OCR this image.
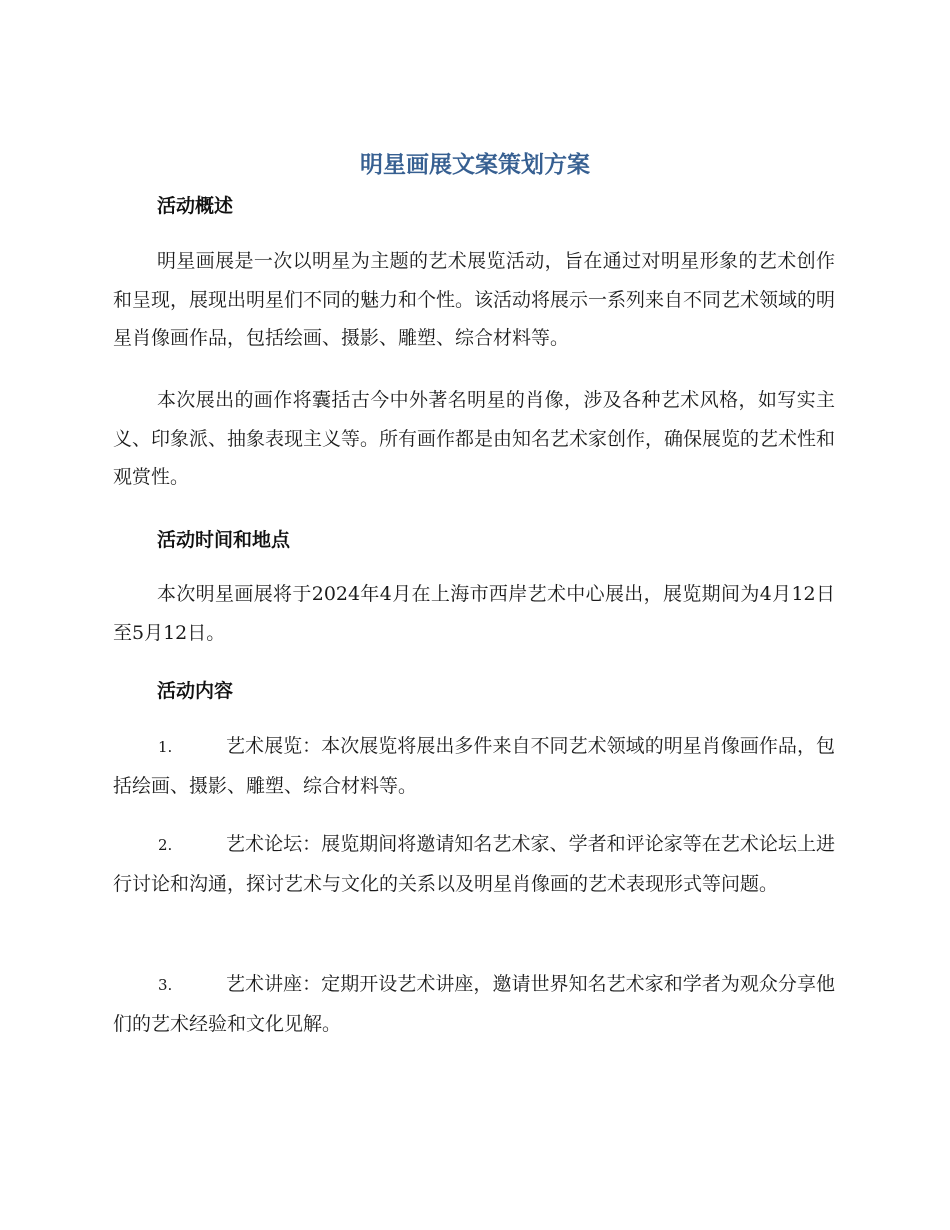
明星画展文案策划方案
活动概述

明星画展是一次以明星为主题的艺术展览活动，旨在通过对明星形象的艺术创作和呈现，展现出明星们不同的魅力和个性。该活动将展示一系列来自不同艺术领域的明星肖像画作品，包括绘画、摄影、雕塑、综合材料等。

本次展出的画作将囊括古今中外著名明星的肖像，涉及各种艺术风格，如写实主义、印象派、抽象表现主义等。所有画作都是由知名艺术家创作，确保展览的艺术性和观赏性。

活动时间和地点

本次明星画展将于2024年4月在上海市西岸艺术中心展出，展览期间为4月12日至5月12日。

活动内容

1.	艺术展览：本次展览将展出多件来自不同艺术领域的明星肖像画作品，包括绘画、摄影、雕塑、综合材料等。

2.	艺术论坛：展览期间将邀请知名艺术家、学者和评论家等在艺术论坛上进行讨论和沟通，探讨艺术与文化的关系以及明星肖像画的艺术表现形式等问题。

3.	艺术讲座：定期开设艺术讲座，邀请世界知名艺术家和学者为观众分享他们的艺术经验和文化见解。
